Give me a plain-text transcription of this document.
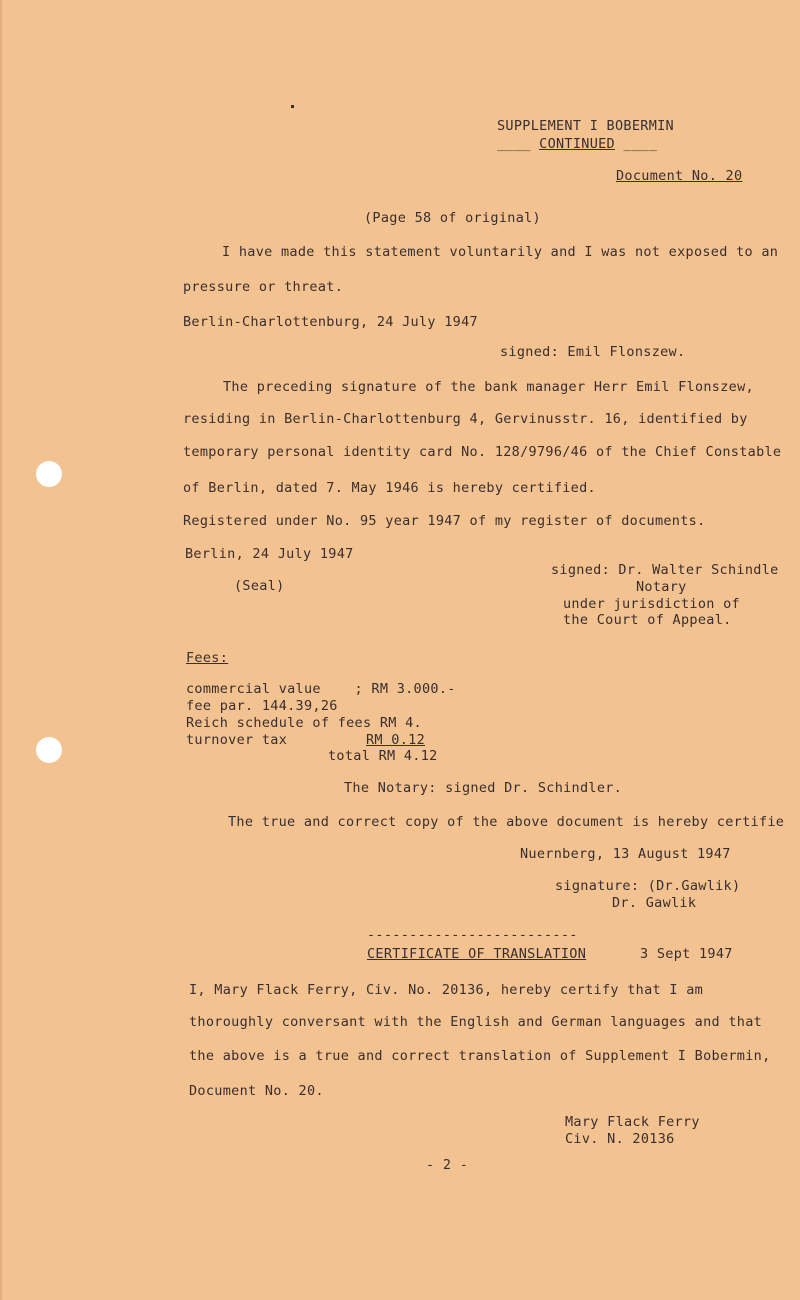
SUPPLEMENT I BOBERMIN
____ CONTINUED ____
Document No. 20
(Page 58 of original)
I have made this statement voluntarily and I was not exposed to an
pressure or threat.
Berlin-Charlottenburg, 24 July 1947
signed: Emil Flonszew.
The preceding signature of the bank manager Herr Emil Flonszew,
residing in Berlin-Charlottenburg 4, Gervinusstr. 16, identified by
temporary personal identity card No. 128/9796/46 of the Chief Constable
of Berlin, dated 7. May 1946 is hereby certified.
Registered under No. 95 year 1947 of my register of documents.
Berlin, 24 July 1947
(Seal)
signed: Dr. Walter Schindle
Notary
under jurisdiction of
the Court of Appeal.
Fees:
commercial value    ; RM 3.000.-
fee par. 144.39,26
Reich schedule of fees RM 4.
turnover tax	RM 0.12
total RM 4.12
The Notary: signed Dr. Schindler.
The true and correct copy of the above document is hereby certifie
Nuernberg, 13 August 1947
signature: (Dr.Gawlik)
Dr. Gawlik
-------------------------
CERTIFICATE OF TRANSLATION	3 Sept 1947
I, Mary Flack Ferry, Civ. No. 20136, hereby certify that I am
thoroughly conversant with the English and German languages and that
the above is a true and correct translation of Supplement I Bobermin,
Document No. 20.
Mary Flack Ferry
Civ. N. 20136
- 2 -
